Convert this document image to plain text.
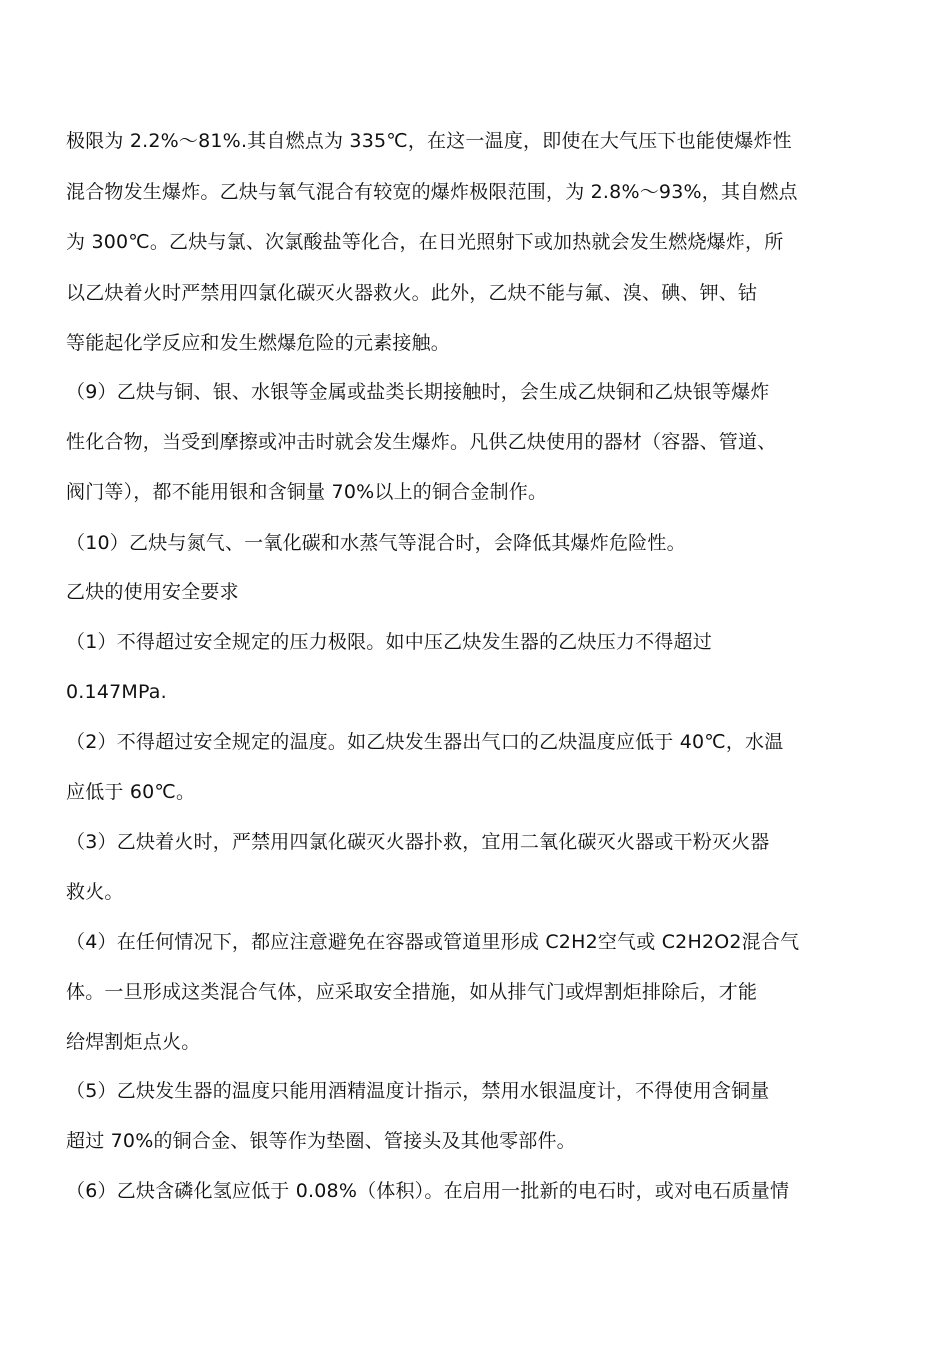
极限为 2.2%～81%.其自燃点为 335℃，在这一温度，即使在大气压下也能使爆炸性
混合物发生爆炸。乙炔与氧气混合有较宽的爆炸极限范围，为 2.8%～93%，其自燃点
为 300℃。乙炔与氯、次氯酸盐等化合，在日光照射下或加热就会发生燃烧爆炸，所
以乙炔着火时严禁用四氯化碳灭火器救火。此外，乙炔不能与氟、溴、碘、钾、钴
等能起化学反应和发生燃爆危险的元素接触。
（9）乙炔与铜、银、水银等金属或盐类长期接触时，会生成乙炔铜和乙炔银等爆炸
性化合物，当受到摩擦或冲击时就会发生爆炸。凡供乙炔使用的器材（容器、管道、
阀门等），都不能用银和含铜量 70%以上的铜合金制作。
（10）乙炔与氮气、一氧化碳和水蒸气等混合时，会降低其爆炸危险性。
乙炔的使用安全要求
（1）不得超过安全规定的压力极限。如中压乙炔发生器的乙炔压力不得超过
0.147MPa.
（2）不得超过安全规定的温度。如乙炔发生器出气口的乙炔温度应低于 40℃，水温
应低于 60℃。
（3）乙炔着火时，严禁用四氯化碳灭火器扑救，宜用二氧化碳灭火器或干粉灭火器
救火。
（4）在任何情况下，都应注意避免在容器或管道里形成 C2H2空气或 C2H2O2混合气
体。一旦形成这类混合气体，应采取安全措施，如从排气门或焊割炬排除后，才能
给焊割炬点火。
（5）乙炔发生器的温度只能用酒精温度计指示，禁用水银温度计，不得使用含铜量
超过 70%的铜合金、银等作为垫圈、管接头及其他零部件。
（6）乙炔含磷化氢应低于 0.08%（体积）。在启用一批新的电石时，或对电石质量情
